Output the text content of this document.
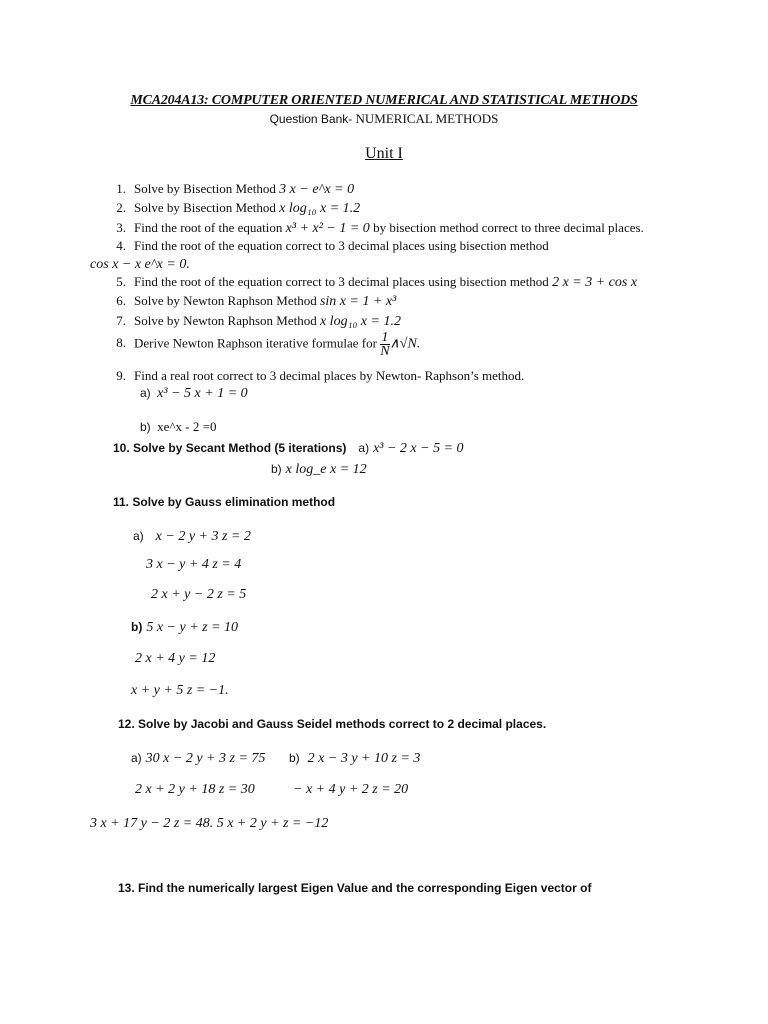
MCA204A13: COMPUTER ORIENTED NUMERICAL AND STATISTICAL METHODS
Question Bank- NUMERICAL METHODS
Unit I
1. Solve by Bisection Method 3 x − e^x = 0
2. Solve by Bisection Method x log₁₀ x = 1.2
3. Find the root of the equation x³ + x² − 1 = 0 by bisection method correct to three decimal places.
4. Find the root of the equation correct to 3 decimal places using bisection method
cos x − x e^x = 0.
5. Find the root of the equation correct to 3 decimal places using bisection method 2 x = 3 + cos x
6. Solve by Newton Raphson Method sin x = 1 + x³
7. Solve by Newton Raphson Method x log₁₀ x = 1.2
8. Derive Newton Raphson iterative formulae for $\frac{1}{N}$ ∧√N.
9. Find a real root correct to 3 decimal places by Newton- Raphson’s method.
a) x³ − 5 x + 1 = 0
b) xe^x - 2 =0
10. Solve by Secant Method (5 iterations) a) x³ − 2 x − 5 = 0
b) x log_e x = 12
11. Solve by Gauss elimination method
a) x − 2 y + 3 z = 2
3 x − y + 4 z = 4
2 x + y − 2 z = 5
b) 5 x − y + z = 10
2 x + 4 y = 12
x + y + 5 z = −1.
12. Solve by Jacobi and Gauss Seidel methods correct to 2 decimal places.
a) 30 x − 2 y + 3 z = 75 b) 2 x − 3 y + 10 z = 3
2 x + 2 y + 18 z = 30	− x + 4 y + 2 z = 20
3 x + 17 y − 2 z = 48. 5 x + 2 y + z = −12
13. Find the numerically largest Eigen Value and the corresponding Eigen vector of
